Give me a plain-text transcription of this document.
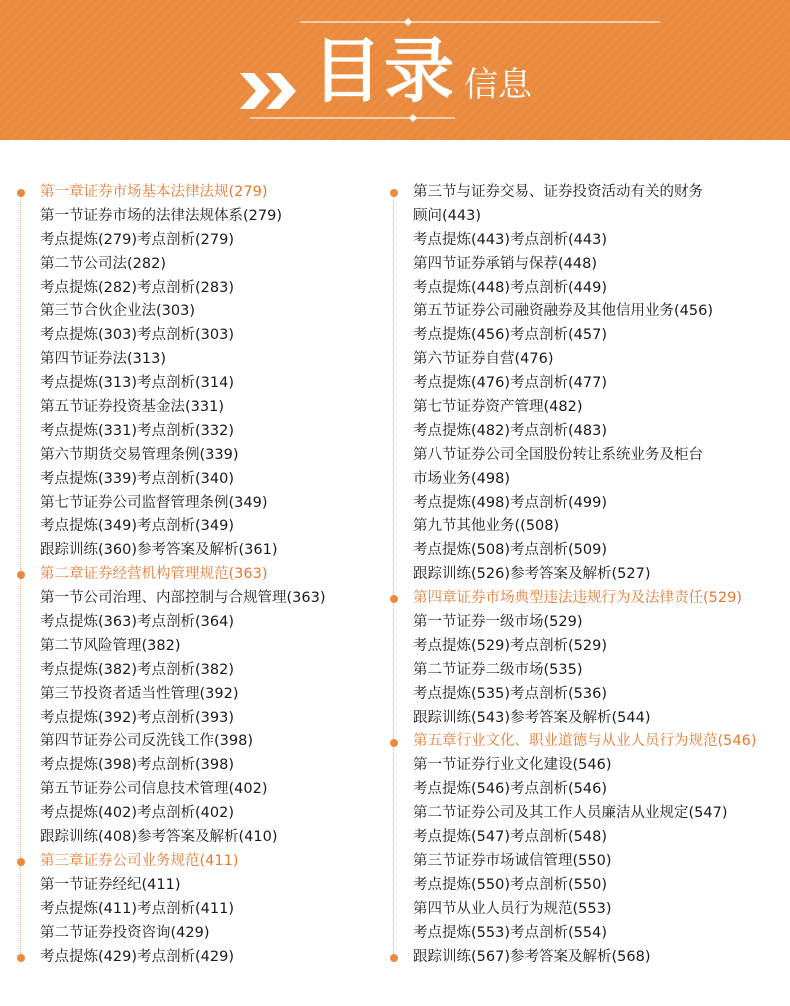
目录 信息
第一章证券市场基本法律法规(279)
第一节证券市场的法律法规体系(279)
考点提炼(279)考点剖析(279)
第二节公司法(282)
考点提炼(282)考点剖析(283)
第三节合伙企业法(303)
考点提炼(303)考点剖析(303)
第四节证券法(313)
考点提炼(313)考点剖析(314)
第五节证券投资基金法(331)
考点提炼(331)考点剖析(332)
第六节期货交易管理条例(339)
考点提炼(339)考点剖析(340)
第七节证券公司监督管理条例(349)
考点提炼(349)考点剖析(349)
跟踪训练(360)参考答案及解析(361)
第二章证券经营机构管理规范(363)
第一节公司治理、内部控制与合规管理(363)
考点提炼(363)考点剖析(364)
第二节风险管理(382)
考点提炼(382)考点剖析(382)
第三节投资者适当性管理(392)
考点提炼(392)考点剖析(393)
第四节证券公司反洗钱工作(398)
考点提炼(398)考点剖析(398)
第五节证券公司信息技术管理(402)
考点提炼(402)考点剖析(402)
跟踪训练(408)参考答案及解析(410)
第三章证券公司业务规范(411)
第一节证券经纪(411)
考点提炼(411)考点剖析(411)
第二节证券投资咨询(429)
考点提炼(429)考点剖析(429)
第三节与证券交易、证券投资活动有关的财务
顾问(443)
考点提炼(443)考点剖析(443)
第四节证券承销与保荐(448)
考点提炼(448)考点剖析(449)
第五节证券公司融资融券及其他信用业务(456)
考点提炼(456)考点剖析(457)
第六节证券自营(476)
考点提炼(476)考点剖析(477)
第七节证券资产管理(482)
考点提炼(482)考点剖析(483)
第八节证券公司全国股份转让系统业务及柜台
市场业务(498)
考点提炼(498)考点剖析(499)
第九节其他业务((508)
考点提炼(508)考点剖析(509)
跟踪训练(526)参考答案及解析(527)
第四章证券市场典型违法违规行为及法律责任(529)
第一节证券一级市场(529)
考点提炼(529)考点剖析(529)
第二节证券二级市场(535)
考点提炼(535)考点剖析(536)
跟踪训练(543)参考答案及解析(544)
第五章行业文化、职业道德与从业人员行为规范(546)
第一节证券行业文化建设(546)
考点提炼(546)考点剖析(546)
第二节证券公司及其工作人员廉洁从业规定(547)
考点提炼(547)考点剖析(548)
第三节证券市场诚信管理(550)
考点提炼(550)考点剖析(550)
第四节从业人员行为规范(553)
考点提炼(553)考点剖析(554)
跟踪训练(567)参考答案及解析(568)
